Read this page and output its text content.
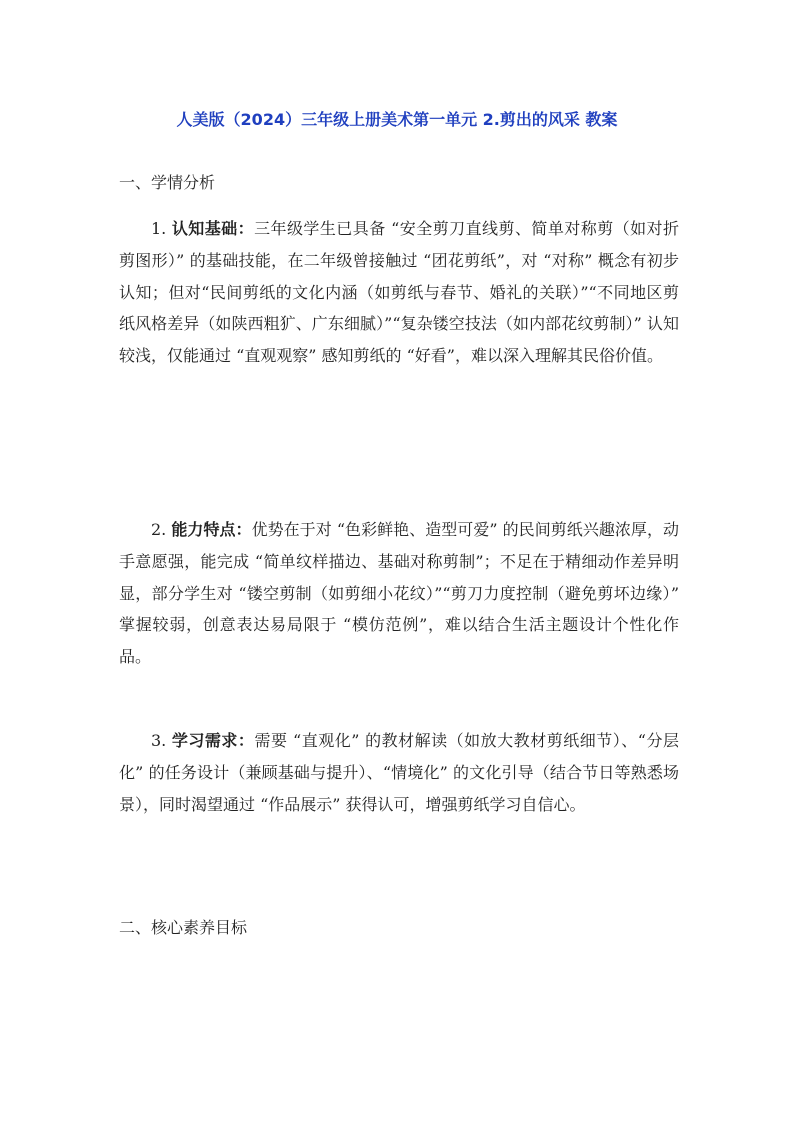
人美版（2024）三年级上册美术第一单元 2.剪出的风采 教案
一、学情分析
1. 认知基础：三年级学生已具备 “安全剪刀直线剪、简单对称剪（如对折剪图形）” 的基础技能，在二年级曾接触过 “团花剪纸”，对 “对称” 概念有初步认知；但对“民间剪纸的文化内涵（如剪纸与春节、婚礼的关联）”“不同地区剪纸风格差异（如陕西粗犷、广东细腻）”“复杂镂空技法（如内部花纹剪制）” 认知较浅，仅能通过 “直观观察” 感知剪纸的 “好看”，难以深入理解其民俗价值。
2. 能力特点：优势在于对 “色彩鲜艳、造型可爱” 的民间剪纸兴趣浓厚，动手意愿强，能完成 “简单纹样描边、基础对称剪制”；不足在于精细动作差异明显，部分学生对 “镂空剪制（如剪细小花纹）”“剪刀力度控制（避免剪坏边缘）” 掌握较弱，创意表达易局限于 “模仿范例”，难以结合生活主题设计个性化作品。
3. 学习需求：需要 “直观化” 的教材解读（如放大教材剪纸细节）、“分层化” 的任务设计（兼顾基础与提升）、“情境化” 的文化引导（结合节日等熟悉场景），同时渴望通过 “作品展示” 获得认可，增强剪纸学习自信心。
二、核心素养目标
